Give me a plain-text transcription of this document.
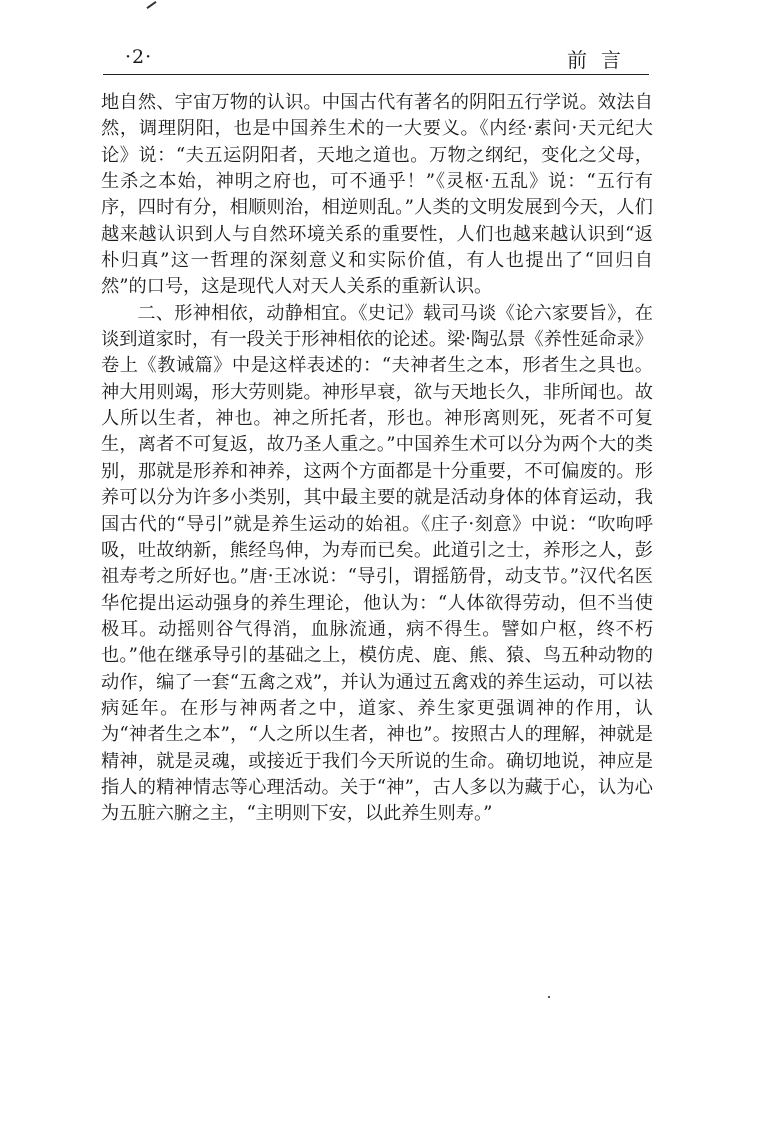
·2·	前言

地自然、宇宙万物的认识。中国古代有著名的阴阳五行学说。效法自然，调理阴阳，也是中国养生术的一大要义。《内经·素问·天元纪大论》说：“夫五运阴阳者，天地之道也。万物之纲纪，变化之父母，生杀之本始，神明之府也，可不通乎！”《灵枢·五乱》说：“五行有序，四时有分，相顺则治，相逆则乱。”人类的文明发展到今天，人们越来越认识到人与自然环境关系的重要性，人们也越来越认识到“返朴归真”这一哲理的深刻意义和实际价值，有人也提出了“回归自然”的口号，这是现代人对天人关系的重新认识。

二、形神相依，动静相宜。《史记》载司马谈《论六家要旨》，在谈到道家时，有一段关于形神相依的论述。梁·陶弘景《养性延命录》卷上《教诫篇》中是这样表述的：“夫神者生之本，形者生之具也。神大用则竭，形大劳则毙。神形早衰，欲与天地长久，非所闻也。故人所以生者，神也。神之所托者，形也。神形离则死，死者不可复生，离者不可复返，故乃圣人重之。”中国养生术可以分为两个大的类别，那就是形养和神养，这两个方面都是十分重要，不可偏废的。形养可以分为许多小类别，其中最主要的就是活动身体的体育运动，我国古代的“导引”就是养生运动的始祖。《庄子·刻意》中说：“吹呴呼吸，吐故纳新，熊经鸟伸，为寿而已矣。此道引之士，养形之人，彭祖寿考之所好也。”唐·王冰说：“导引，谓摇筋骨，动支节。”汉代名医华佗提出运动强身的养生理论，他认为：“人体欲得劳动，但不当使极耳。动摇则谷气得消，血脉流通，病不得生。譬如户枢，终不朽也。”他在继承导引的基础之上，模仿虎、鹿、熊、猿、鸟五种动物的动作，编了一套“五禽之戏”，并认为通过五禽戏的养生运动，可以祛病延年。在形与神两者之中，道家、养生家更强调神的作用，认为“神者生之本”，“人之所以生者，神也”。按照古人的理解，神就是精神，就是灵魂，或接近于我们今天所说的生命。确切地说，神应是指人的精神情志等心理活动。关于“神”，古人多以为藏于心，认为心为五脏六腑之主，“主明则下安，以此养生则寿。”
